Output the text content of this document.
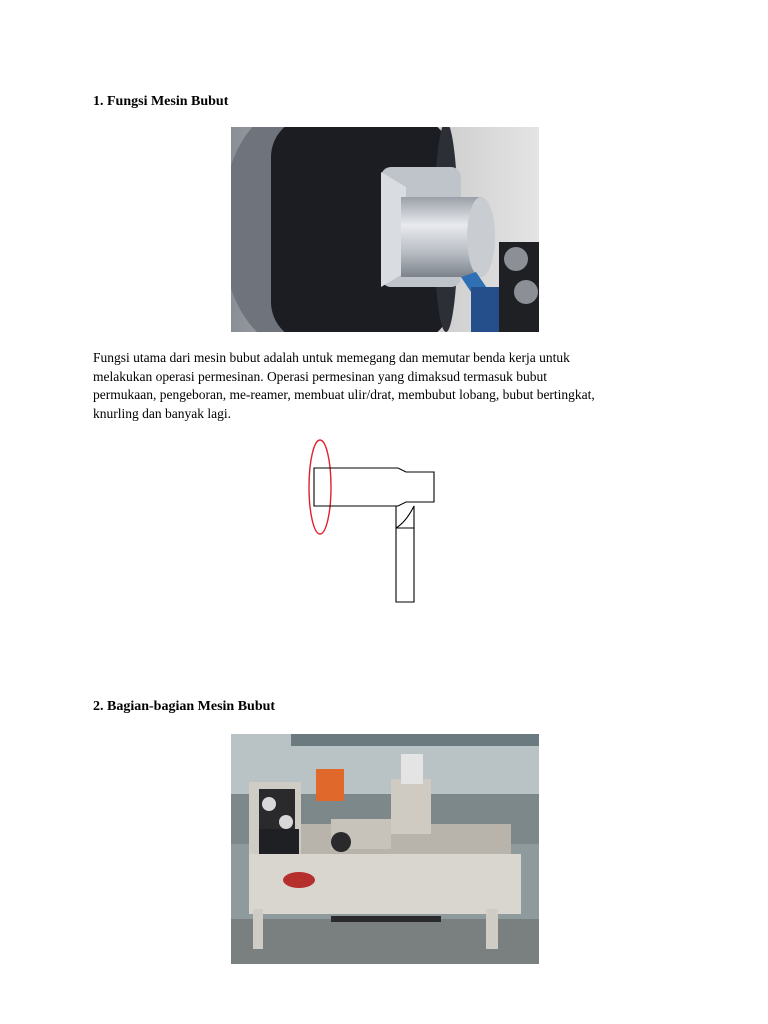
1. Fungsi Mesin Bubut
Fungsi utama dari mesin bubut adalah untuk memegang dan memutar benda kerja untuk
melakukan operasi permesinan. Operasi permesinan yang dimaksud termasuk bubut
permukaan, pengeboran, me-reamer, membuat ulir/drat, membubut lobang, bubut bertingkat,
knurling dan banyak lagi.
2. Bagian-bagian Mesin Bubut
